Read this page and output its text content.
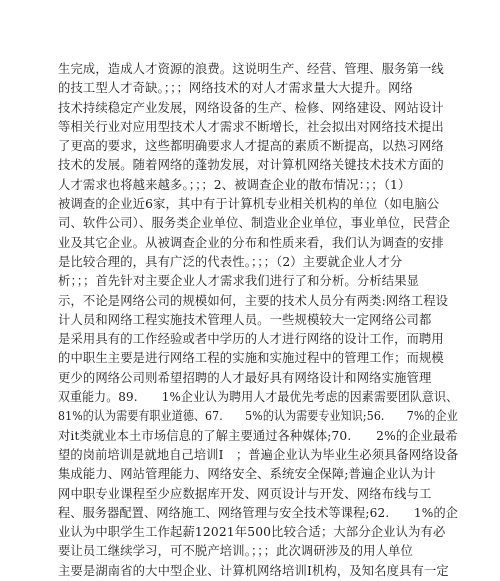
生完成，造成人才资源的浪费。这说明生产、经营、管理、服务第一线
的技工型人才奇缺。；；；网络技术的对人才需求量大大提升。网络
技术持续稳定产业发展，网络设备的生产、检修、网络建设、网站设计
等相关行业对应用型技术人才需求不断增长，社会拟出对网络技术提出
了更高的要求，这些都明确要求人才提高的素质不断提高，以热习网络
技术的发展。随着网络的蓬勃发展，对计算机网络关键技术技术方面的
人才需求也将越来越多。；；；2、被调查企业的散布情况：；；（1）
被调查的企业近6家，其中有于计算机专业相关机构的单位（如电脑公
司、软件公司）、服务类企业单位、制造业企业单位，事业单位，民营企
业及其它企业。从被调查企业的分布和性质来看，我们认为调查的安排
是比较合理的，具有广泛的代表性。；；；（2）主要就企业人才分
析；；；首先针对主要企业人才需求我们进行了和分析。分析结果显
示，不论是网络公司的规模如何，主要的技术人员分有两类:网络工程设
计人员和网络工程实施技术管理人员。一些规模较大一定网络公司都
是采用具有的工作经验或者中学历的人才进行网络的设计工作，而聘用
的中职生主要是进行网络工程的实施和实施过程中的管理工作；而规模
更少的网络公司则希望招聘的人才最好具有网络设计和网络实施管理
双重能力。89.　　1%企业认为聘用人才最优先考虑的因素需要团队意识、
81%的认为需要有职业道德、67.　　5%的认为需要专业知识;56.　　7%的企业
对it类就业本土市场信息的了解主要通过各种媒体;70.　　2%的企业最希
望的岗前培训是就地自己培训I　；普遍企业认为毕业生必须具备网络设备
集成能力、网站管理能力、网络安全、系统安全保障;普遍企业认为计
网中职专业课程至少应数据库开发、网页设计与开发、网络布线与工
程、服务器配置、网络施工、网络管理与安全技术等课程;62.　　1%的企
业认为中职学生工作起薪12021年500比较合适；大部分企业认为有必
要让员工继续学习，可不脱产培训。；；；此次调研涉及的用人单位
主要是湖南省的大中型企业、计算机网络培训I机构，及知名度具有一定
